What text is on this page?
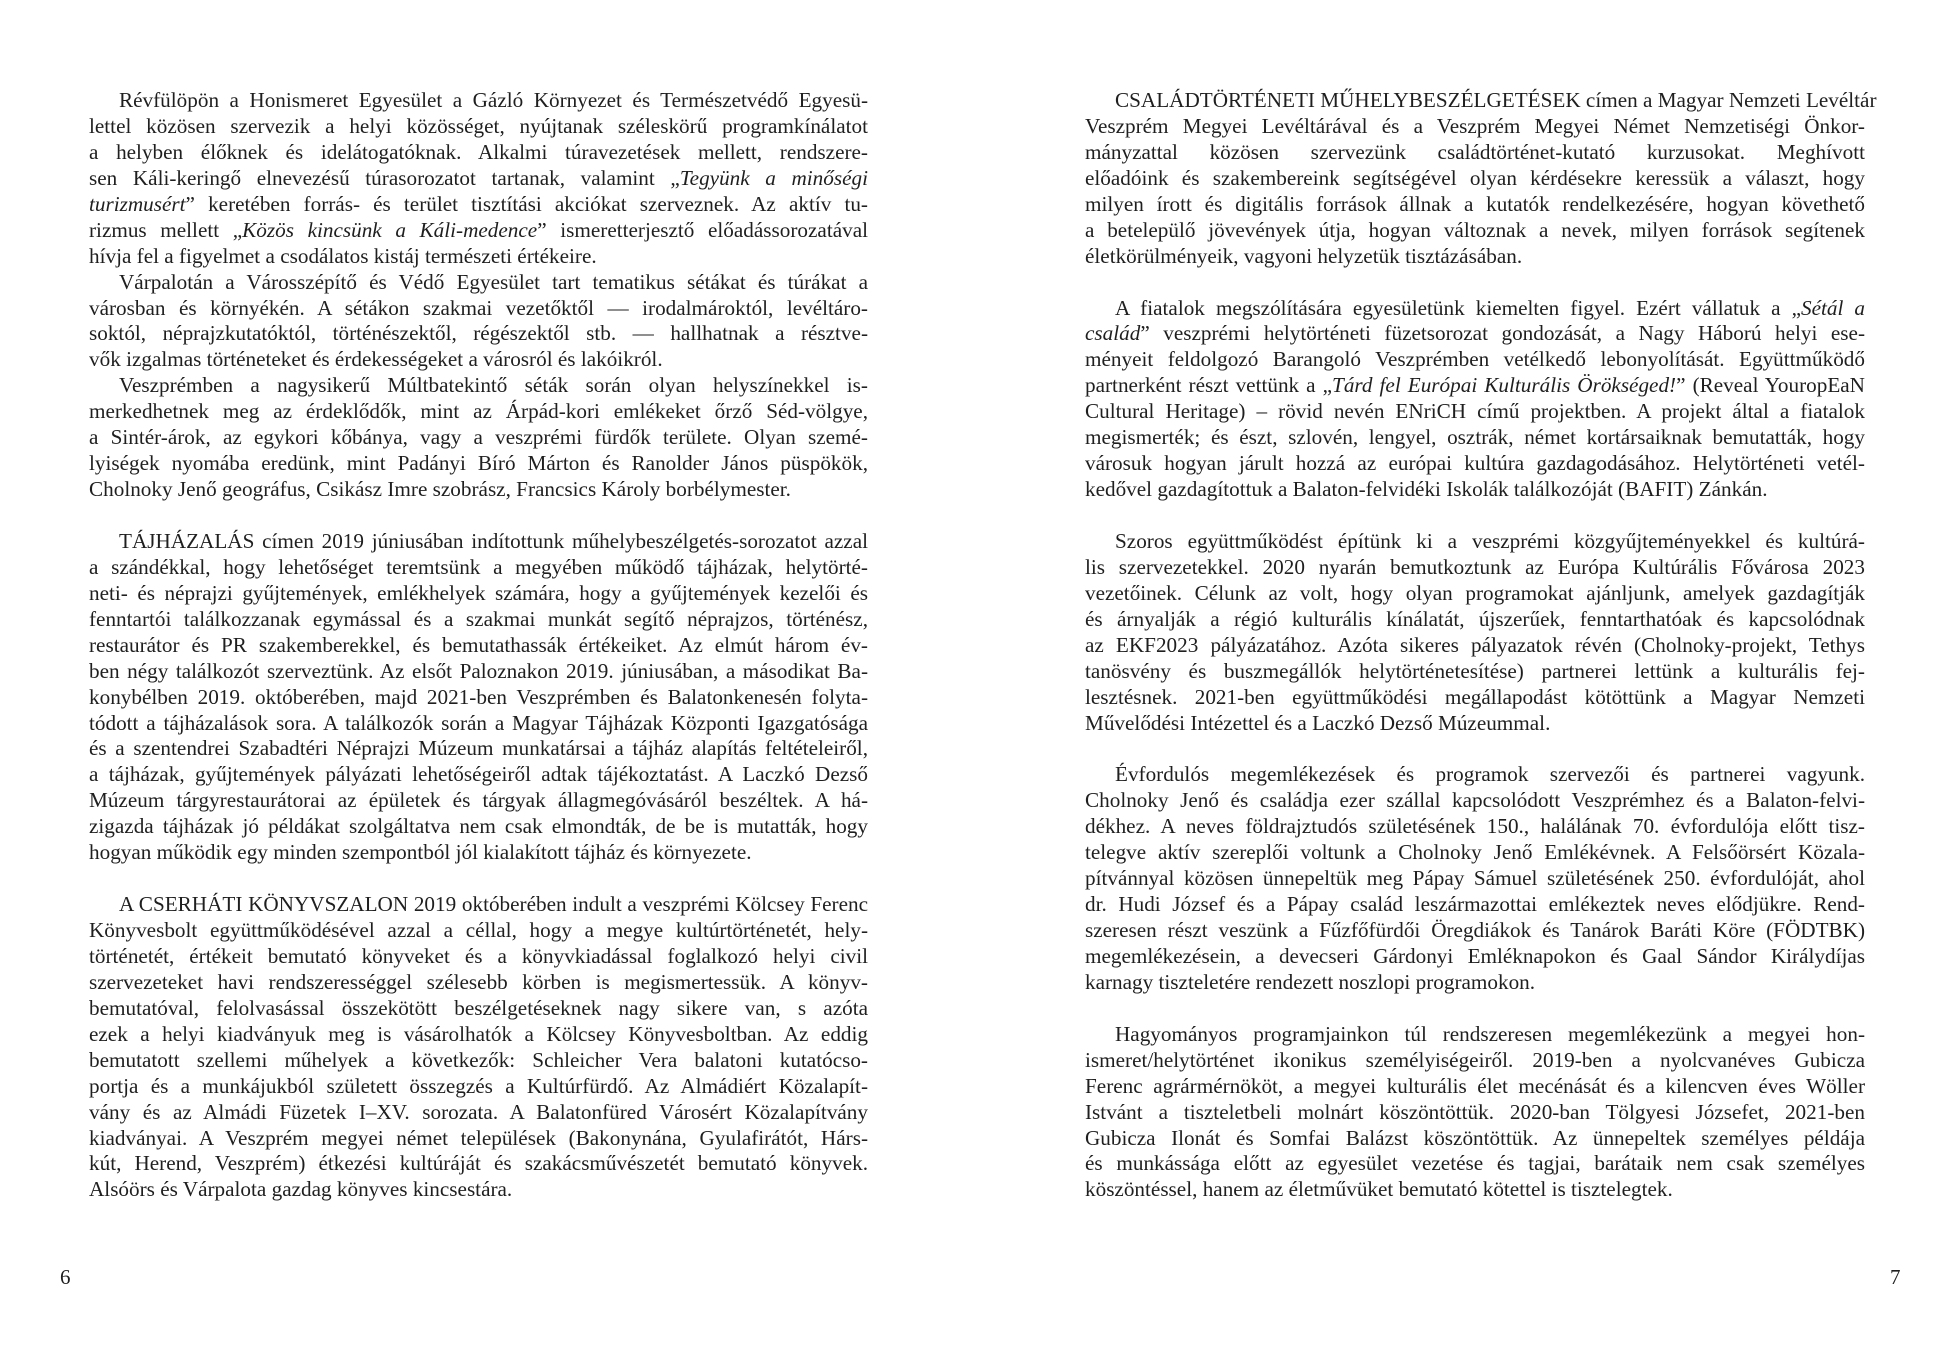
Révfülöpön a Honismeret Egyesület a Gázló Környezet és Természetvédő Egyesü-
lettel közösen szervezik a helyi közösséget, nyújtanak széleskörű programkínálatot
a helyben élőknek és idelátogatóknak. Alkalmi túravezetések mellett, rendszere-
sen Káli-keringő elnevezésű túrasorozatot tartanak, valamint „Tegyünk a minőségi
turizmusért” keretében forrás- és terület tisztítási akciókat szerveznek. Az aktív tu-
rizmus mellett „Közös kincsünk a Káli-medence” ismeretterjesztő előadássorozatával
hívja fel a figyelmet a csodálatos kistáj természeti értékeire.
Várpalotán a Városszépítő és Védő Egyesület tart tematikus sétákat és túrákat a
városban és környékén. A sétákon szakmai vezetőktől — irodalmároktól, levéltáro-
soktól, néprajzkutatóktól, történészektől, régészektől stb. — hallhatnak a résztve-
vők izgalmas történeteket és érdekességeket a városról és lakóikról.
Veszprémben a nagysikerű Múltbatekintő séták során olyan helyszínekkel is-
merkedhetnek meg az érdeklődők, mint az Árpád-kori emlékeket őrző Séd-völgye,
a Sintér-árok, az egykori kőbánya, vagy a veszprémi fürdők területe. Olyan szemé-
lyiségek nyomába eredünk, mint Padányi Bíró Márton és Ranolder János püspökök,
Cholnoky Jenő geográfus, Csikász Imre szobrász, Francsics Károly borbélymester.
TÁJHÁZALÁS címen 2019 júniusában indítottunk műhelybeszélgetés-sorozatot azzal
a szándékkal, hogy lehetőséget teremtsünk a megyében működő tájházak, helytörté-
neti- és néprajzi gyűjtemények, emlékhelyek számára, hogy a gyűjtemények kezelői és
fenntartói találkozzanak egymással és a szakmai munkát segítő néprajzos, történész,
restaurátor és PR szakemberekkel, és bemutathassák értékeiket. Az elmút három év-
ben négy találkozót szerveztünk. Az elsőt Paloznakon 2019. júniusában, a másodikat Ba-
konybélben 2019. októberében, majd 2021-ben Veszprémben és Balatonkenesén folyta-
tódott a tájházalások sora. A találkozók során a Magyar Tájházak Központi Igazgatósága
és a szentendrei Szabadtéri Néprajzi Múzeum munkatársai a tájház alapítás feltételeiről,
a tájházak, gyűjtemények pályázati lehetőségeiről adtak tájékoztatást. A Laczkó Dezső
Múzeum tárgyrestaurátorai az épületek és tárgyak állagmegóvásáról beszéltek. A há-
zigazda tájházak jó példákat szolgáltatva nem csak elmondták, de be is mutatták, hogy
hogyan működik egy minden szempontból jól kialakított tájház és környezete.
A CSERHÁTI KÖNYVSZALON 2019 októberében indult a veszprémi Kölcsey Ferenc
Könyvesbolt együttműködésével azzal a céllal, hogy a megye kultúrtörténetét, hely-
történetét, értékeit bemutató könyveket és a könyvkiadással foglalkozó helyi civil
szervezeteket havi rendszerességgel szélesebb körben is megismertessük. A könyv-
bemutatóval, felolvasással összekötött beszélgetéseknek nagy sikere van, s azóta
ezek a helyi kiadványuk meg is vásárolhatók a Kölcsey Könyvesboltban. Az eddig
bemutatott szellemi műhelyek a következők: Schleicher Vera balatoni kutatócso-
portja és a munkájukból született összegzés a Kultúrfürdő. Az Almádiért Közalapít-
vány és az Almádi Füzetek I–XV. sorozata. A Balatonfüred Városért Közalapítvány
kiadványai. A Veszprém megyei német települések (Bakonynána, Gyulafirátót, Hárs-
kút, Herend, Veszprém) étkezési kultúráját és szakácsművészetét bemutató könyvek.
Alsóörs és Várpalota gazdag könyves kincsestára.
CSALÁDTÖRTÉNETI MŰHELYBESZÉLGETÉSEK címen a Magyar Nemzeti Levéltár
Veszprém Megyei Levéltárával és a Veszprém Megyei Német Nemzetiségi Önkor-
mányzattal közösen szervezünk családtörténet-kutató kurzusokat. Meghívott
előadóink és szakembereink segítségével olyan kérdésekre keressük a választ, hogy
milyen írott és digitális források állnak a kutatók rendelkezésére, hogyan követhető
a betelepülő jövevények útja, hogyan változnak a nevek, milyen források segítenek
életkörülményeik, vagyoni helyzetük tisztázásában.
A fiatalok megszólítására egyesületünk kiemelten figyel. Ezért vállatuk a „Sétál a
család” veszprémi helytörténeti füzetsorozat gondozását, a Nagy Háború helyi ese-
ményeit feldolgozó Barangoló Veszprémben vetélkedő lebonyolítását. Együttműködő
partnerként részt vettünk a „Tárd fel Európai Kulturális Örökséged!” (Reveal YouropEaN
Cultural Heritage) – rövid nevén ENriCH című projektben. A projekt által a fiatalok
megismerték; és észt, szlovén, lengyel, osztrák, német kortársaiknak bemutatták, hogy
városuk hogyan járult hozzá az európai kultúra gazdagodásához. Helytörténeti vetél-
kedővel gazdagítottuk a Balaton-felvidéki Iskolák találkozóját (BAFIT) Zánkán.
Szoros együttműködést építünk ki a veszprémi közgyűjteményekkel és kultúrá-
lis szervezetekkel. 2020 nyarán bemutkoztunk az Európa Kultúrális Fővárosa 2023
vezetőinek. Célunk az volt, hogy olyan programokat ajánljunk, amelyek gazdagítják
és árnyalják a régió kulturális kínálatát, újszerűek, fenntarthatóak és kapcsolódnak
az EKF2023 pályázatához. Azóta sikeres pályazatok révén (Cholnoky-projekt, Tethys
tanösvény és buszmegállók helytörténetesítése) partnerei lettünk a kulturális fej-
lesztésnek. 2021-ben együttműködési megállapodást kötöttünk a Magyar Nemzeti
Művelődési Intézettel és a Laczkó Dezső Múzeummal.
Évfordulós megemlékezések és programok szervezői és partnerei vagyunk.
Cholnoky Jenő és családja ezer szállal kapcsolódott Veszprémhez és a Balaton-felvi-
dékhez. A neves földrajztudós születésének 150., halálának 70. évfordulója előtt tisz-
telegve aktív szereplői voltunk a Cholnoky Jenő Emlékévnek. A Felsőörsért Közala-
pítvánnyal közösen ünnepeltük meg Pápay Sámuel születésének 250. évfordulóját, ahol
dr. Hudi József és a Pápay család leszármazottai emlékeztek neves elődjükre. Rend-
szeresen részt veszünk a Fűzfőfürdői Öregdiákok és Tanárok Baráti Köre (FÖDTBK)
megemlékezésein, a devecseri Gárdonyi Emléknapokon és Gaal Sándor Királydíjas
karnagy tiszteletére rendezett noszlopi programokon.
Hagyományos programjainkon túl rendszeresen megemlékezünk a megyei hon-
ismeret/helytörténet ikonikus személyiségeiről. 2019-ben a nyolcvanéves Gubicza
Ferenc agrármérnököt, a megyei kulturális élet mecénását és a kilencven éves Wöller
Istvánt a tiszteletbeli molnárt köszöntöttük. 2020-ban Tölgyesi Józsefet, 2021-ben
Gubicza Ilonát és Somfai Balázst köszöntöttük. Az ünnepeltek személyes példája
és munkássága előtt az egyesület vezetése és tagjai, barátaik nem csak személyes
köszöntéssel, hanem az életművüket bemutató kötettel is tisztelegtek.
6	7
